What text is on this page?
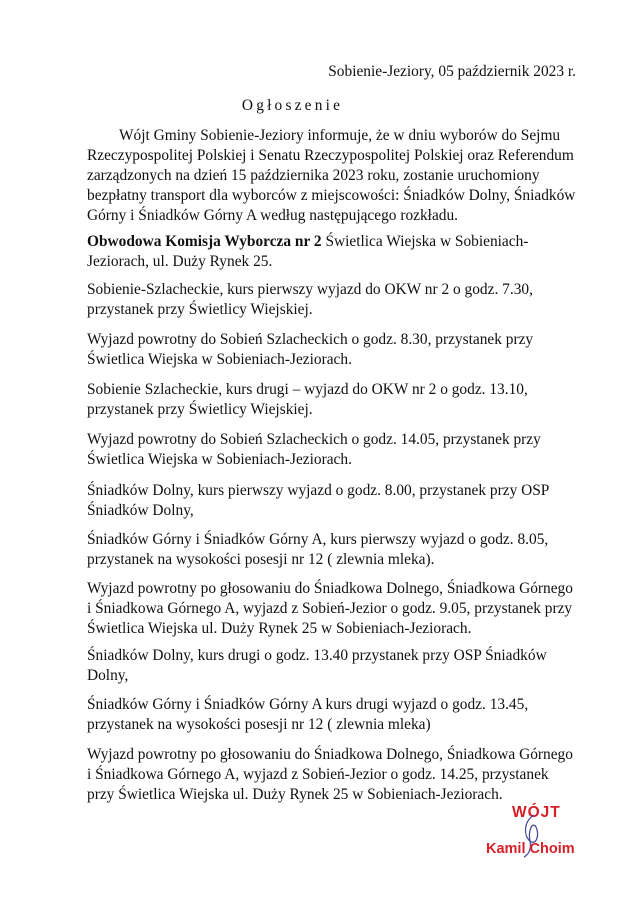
Sobienie-Jeziory, 05 październik 2023 r.
Ogłoszenie

Wójt Gminy Sobienie-Jeziory informuje, że w dniu wyborów do Sejmu Rzeczypospolitej Polskiej i Senatu Rzeczypospolitej Polskiej oraz Referendum zarządzonych na dzień 15 października 2023 roku, zostanie uruchomiony bezpłatny transport dla wyborców z miejscowości: Śniadków Dolny, Śniadków Górny i Śniadków Górny A według następującego rozkładu.

Obwodowa Komisja Wyborcza nr 2 Świetlica Wiejska w Sobieniach-Jeziorach, ul. Duży Rynek 25.

Sobienie-Szlacheckie, kurs pierwszy wyjazd do OKW nr 2 o godz. 7.30, przystanek przy Świetlicy Wiejskiej.

Wyjazd powrotny do Sobień Szlacheckich o godz. 8.30, przystanek przy Świetlica Wiejska w Sobieniach-Jeziorach.

Sobienie Szlacheckie, kurs drugi – wyjazd do OKW nr 2 o godz. 13.10, przystanek przy Świetlicy Wiejskiej.

Wyjazd powrotny do Sobień Szlacheckich o godz. 14.05, przystanek przy Świetlica Wiejska w Sobieniach-Jeziorach.

Śniadków Dolny, kurs pierwszy wyjazd o godz. 8.00, przystanek przy OSP Śniadków Dolny,

Śniadków Górny i Śniadków Górny A, kurs pierwszy wyjazd o godz. 8.05, przystanek na wysokości posesji nr 12 ( zlewnia mleka).

Wyjazd powrotny po głosowaniu do Śniadkowa Dolnego, Śniadkowa Górnego i Śniadkowa Górnego A, wyjazd z Sobień-Jezior o godz. 9.05, przystanek przy Świetlica Wiejska ul. Duży Rynek 25 w Sobieniach-Jeziorach.

Śniadków Dolny, kurs drugi o godz. 13.40 przystanek przy OSP Śniadków Dolny,

Śniadków Górny i Śniadków Górny A kurs drugi wyjazd o godz. 13.45, przystanek na wysokości posesji nr 12 ( zlewnia mleka)

Wyjazd powrotny po głosowaniu do Śniadkowa Dolnego, Śniadkowa Górnego i Śniadkowa Górnego A, wyjazd z Sobień-Jezior o godz. 14.25, przystanek przy Świetlica Wiejska ul. Duży Rynek 25 w Sobieniach-Jeziorach.

WÓJT
Kamil Choim
